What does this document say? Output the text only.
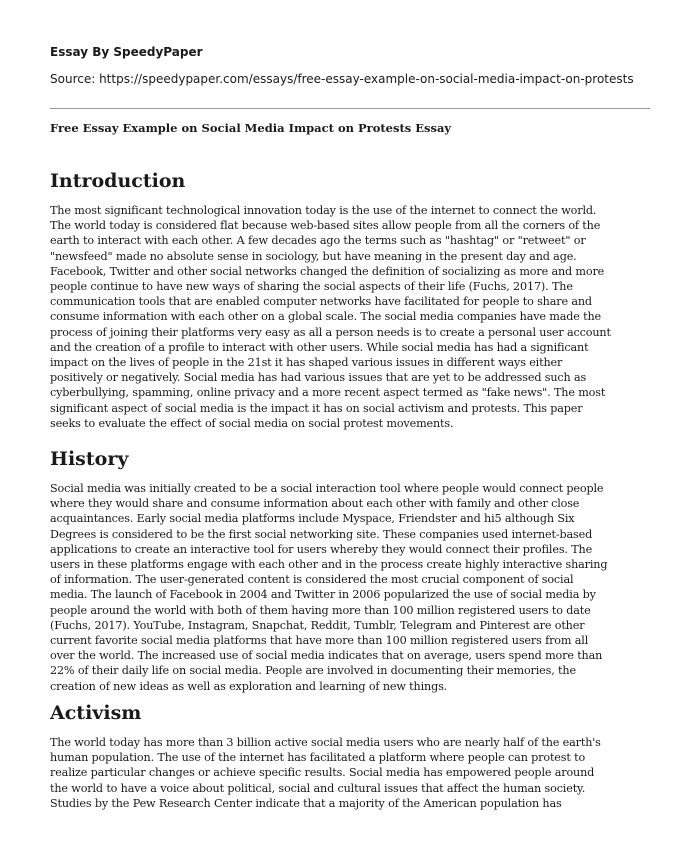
Essay By SpeedyPaper
Source: https://speedypaper.com/essays/free-essay-example-on-social-media-impact-on-protests
Free Essay Example on Social Media Impact on Protests Essay
Introduction

The most significant technological innovation today is the use of the internet to connect the world.
The world today is considered flat because web-based sites allow people from all the corners of the
earth to interact with each other. A few decades ago the terms such as "hashtag" or "retweet" or
"newsfeed" made no absolute sense in sociology, but have meaning in the present day and age.
Facebook, Twitter and other social networks changed the definition of socializing as more and more
people continue to have new ways of sharing the social aspects of their life (Fuchs, 2017). The
communication tools that are enabled computer networks have facilitated for people to share and
consume information with each other on a global scale. The social media companies have made the
process of joining their platforms very easy as all a person needs is to create a personal user account
and the creation of a profile to interact with other users. While social media has had a significant
impact on the lives of people in the 21st it has shaped various issues in different ways either
positively or negatively. Social media has had various issues that are yet to be addressed such as
cyberbullying, spamming, online privacy and a more recent aspect termed as "fake news". The most
significant aspect of social media is the impact it has on social activism and protests. This paper
seeks to evaluate the effect of social media on social protest movements.

History

Social media was initially created to be a social interaction tool where people would connect people
where they would share and consume information about each other with family and other close
acquaintances. Early social media platforms include Myspace, Friendster and hi5 although Six
Degrees is considered to be the first social networking site. These companies used internet-based
applications to create an interactive tool for users whereby they would connect their profiles. The
users in these platforms engage with each other and in the process create highly interactive sharing
of information. The user-generated content is considered the most crucial component of social
media. The launch of Facebook in 2004 and Twitter in 2006 popularized the use of social media by
people around the world with both of them having more than 100 million registered users to date
(Fuchs, 2017). YouTube, Instagram, Snapchat, Reddit, Tumblr, Telegram and Pinterest are other
current favorite social media platforms that have more than 100 million registered users from all
over the world. The increased use of social media indicates that on average, users spend more than
22% of their daily life on social media. People are involved in documenting their memories, the
creation of new ideas as well as exploration and learning of new things.

Activism

The world today has more than 3 billion active social media users who are nearly half of the earth's
human population. The use of the internet has facilitated a platform where people can protest to
realize particular changes or achieve specific results. Social media has empowered people around
the world to have a voice about political, social and cultural issues that affect the human society.
Studies by the Pew Research Center indicate that a majority of the American population has
